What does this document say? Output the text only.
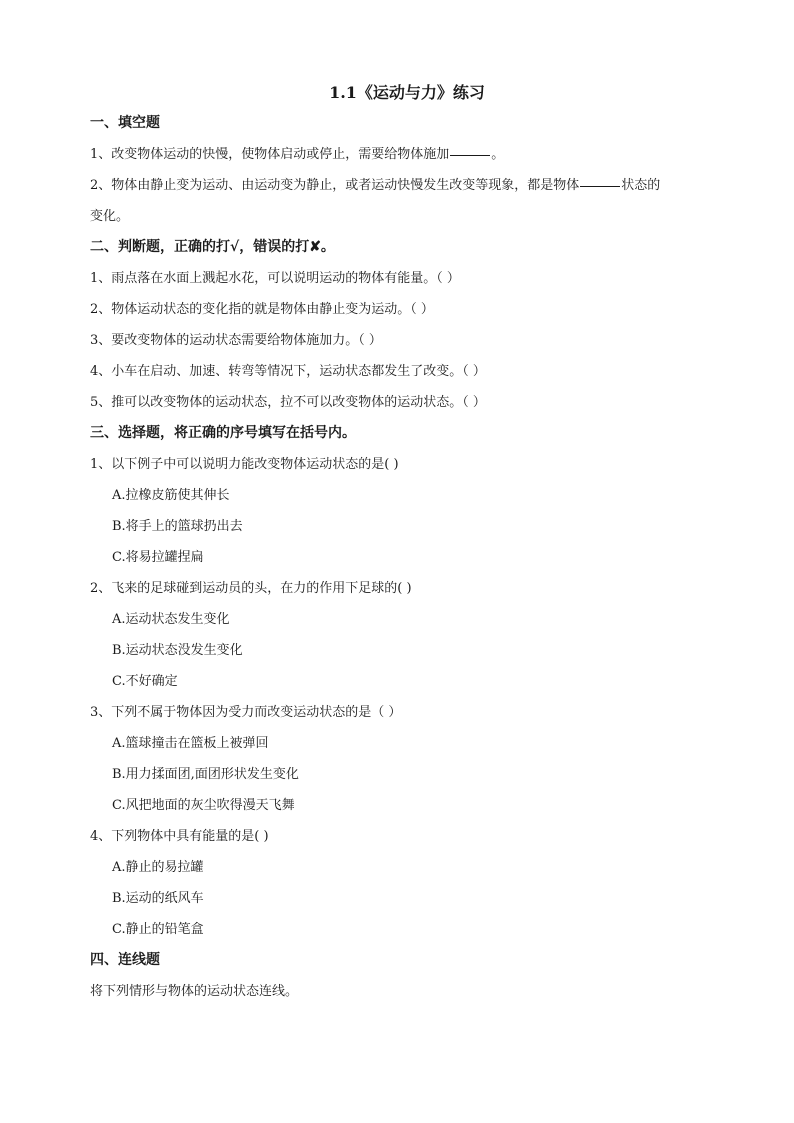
1.1《运动与力》练习
一、填空题
1、改变物体运动的快慢，使物体启动或停止，需要给物体施加	。
2、物体由静止变为运动、由运动变为静止，或者运动快慢发生改变等现象，都是物体	状态的
变化。
二、判断题，正确的打√，错误的打✘。
1、雨点落在水面上溅起水花，可以说明运动的物体有能量。（ ）
2、物体运动状态的变化指的就是物体由静止变为运动。（ ）
3、要改变物体的运动状态需要给物体施加力。（ ）
4、小车在启动、加速、转弯等情况下，运动状态都发生了改变。（ ）
5、推可以改变物体的运动状态，拉不可以改变物体的运动状态。（ ）
三、选择题，将正确的序号填写在括号内。
1、以下例子中可以说明力能改变物体运动状态的是( )
A.拉橡皮筋使其伸长
B.将手上的篮球扔出去
C.将易拉罐捏扁
2、飞来的足球碰到运动员的头，在力的作用下足球的( )
A.运动状态发生变化
B.运动状态没发生变化
C.不好确定
3、下列不属于物体因为受力而改变运动状态的是（ ）
A.篮球撞击在篮板上被弹回
B.用力揉面团,面团形状发生变化
C.风把地面的灰尘吹得漫天飞舞
4、下列物体中具有能量的是( )
A.静止的易拉罐
B.运动的纸风车
C.静止的铅笔盒
四、连线题
将下列情形与物体的运动状态连线。
